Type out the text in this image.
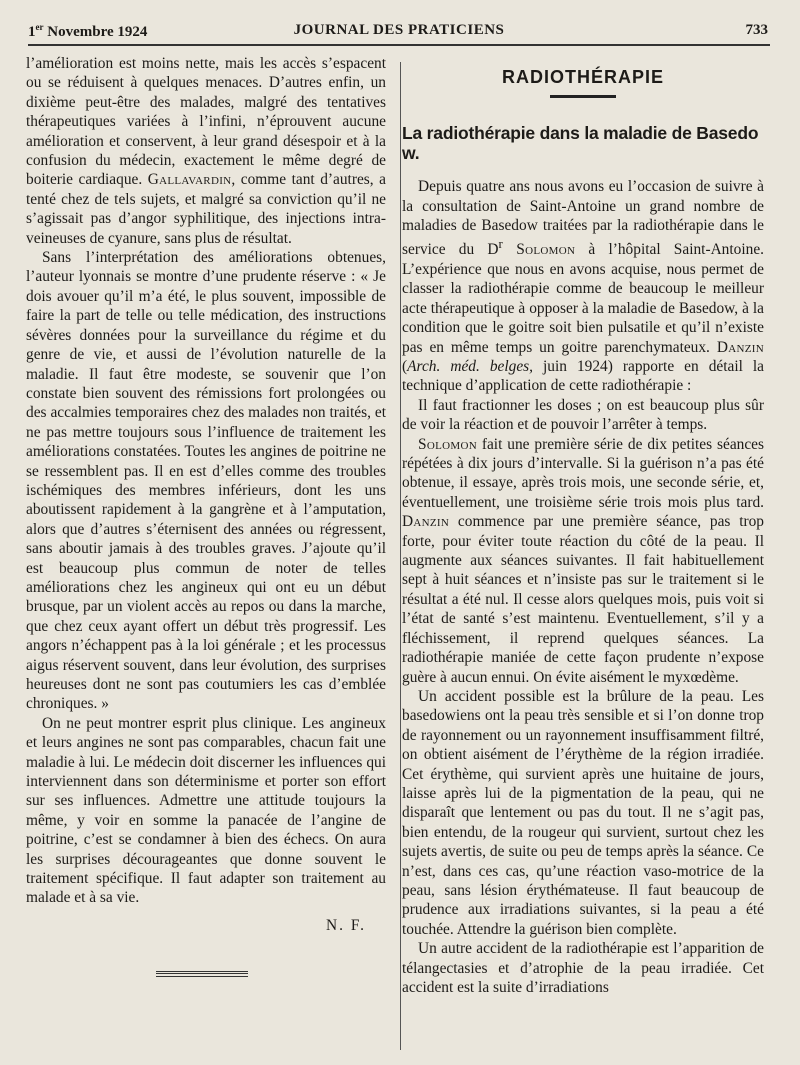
1er Novembre 1924	JOURNAL DES PRATICIENS	733

l’amélioration est moins nette, mais les accès s’espacent ou se réduisent à quelques menaces. D’autres enfin, un dixième peut-être des malades, malgré des tentatives thérapeutiques variées à l’infini, n’éprouvent aucune amélioration et conservent, à leur grand désespoir et à la confusion du médecin, exactement le même degré de boiterie cardiaque. Gallavardin, comme tant d’autres, a tenté chez de tels sujets, et malgré sa conviction qu’il ne s’agissait pas d’angor syphilitique, des injections intra-veineuses de cyanure, sans plus de résultat.

Sans l’interprétation des améliorations obtenues, l’auteur lyonnais se montre d’une prudente réserve : « Je dois avouer qu’il m’a été, le plus souvent, impossible de faire la part de telle ou telle médication, des instructions sévères données pour la surveillance du régime et du genre de vie, et aussi de l’évolution naturelle de la maladie. Il faut être modeste, se souvenir que l’on constate bien souvent des rémissions fort prolongées ou des accalmies temporaires chez des malades non traités, et ne pas mettre toujours sous l’influence de traitement les améliorations constatées. Toutes les angines de poitrine ne se ressemblent pas. Il en est d’elles comme des troubles ischémiques des membres inférieurs, dont les uns aboutissent rapidement à la gangrène et à l’amputation, alors que d’autres s’éternisent des années ou régressent, sans aboutir jamais à des troubles graves. J’ajoute qu’il est beaucoup plus commun de noter de telles améliorations chez les angineux qui ont eu un début brusque, par un violent accès au repos ou dans la marche, que chez ceux ayant offert un début très progressif. Les angors n’échappent pas à la loi générale ; et les processus aigus réservent souvent, dans leur évolution, des surprises heureuses dont ne sont pas coutumiers les cas d’emblée chroniques. »

On ne peut montrer esprit plus clinique. Les angineux et leurs angines ne sont pas comparables, chacun fait une maladie à lui. Le médecin doit discerner les influences qui interviennent dans son déterminisme et porter son effort sur ses influences. Admettre une attitude toujours la même, y voir en somme la panacée de l’angine de poitrine, c’est se condamner à bien des échecs. On aura les surprises décourageantes que donne souvent le traitement spécifique. Il faut adapter son traitement au malade et à sa vie.

N. F.

RADIOTHÉRAPIE
La radiothérapie dans la maladie de Basedo w.

Depuis quatre ans nous avons eu l’occasion de suivre à la consultation de Saint-Antoine un grand nombre de maladies de Basedow traitées par la radiothérapie dans le service du $D^r$ Solomon à l’hôpital Saint-Antoine. L’expérience que nous en avons acquise, nous permet de classer la radiothérapie comme de beaucoup le meilleur acte thérapeutique à opposer à la maladie de Basedow, à la condition que le goitre soit bien pulsatile et qu’il n’existe pas en même temps un goitre parenchymateux. Danzin (Arch. méd. belges, juin 1924) rapporte en détail la technique d’application de cette radiothérapie :

Il faut fractionner les doses ; on est beaucoup plus sûr de voir la réaction et de pouvoir l’arrêter à temps.

Solomon fait une première série de dix petites séances répétées à dix jours d’intervalle. Si la guérison n’a pas été obtenue, il essaye, après trois mois, une seconde série, et, éventuellement, une troisième série trois mois plus tard. Danzin commence par une première séance, pas trop forte, pour éviter toute réaction du côté de la peau. Il augmente aux séances suivantes. Il fait habituellement sept à huit séances et n’insiste pas sur le traitement si le résultat a été nul. Il cesse alors quelques mois, puis voit si l’état de santé s’est maintenu. Eventuellement, s’il y a fléchissement, il reprend quelques séances. La radiothérapie maniée de cette façon prudente n’expose guère à aucun ennui. On évite aisément le myxœdème.

Un accident possible est la brûlure de la peau. Les basedowiens ont la peau très sensible et si l’on donne trop de rayonnement ou un rayonnement insuffisamment filtré, on obtient aisément de l’érythème de la région irradiée. Cet érythème, qui survient après une huitaine de jours, laisse après lui de la pigmentation de la peau, qui ne disparaît que lentement ou pas du tout. Il ne s’agit pas, bien entendu, de la rougeur qui survient, surtout chez les sujets avertis, de suite ou peu de temps après la séance. Ce n’est, dans ces cas, qu’une réaction vaso-motrice de la peau, sans lésion érythémateuse. Il faut beaucoup de prudence aux irradiations suivantes, si la peau a été touchée. Attendre la guérison bien complète.

Un autre accident de la radiothérapie est l’apparition de télangectasies et d’atrophie de la peau irradiée. Cet accident est la suite d’irradiations
